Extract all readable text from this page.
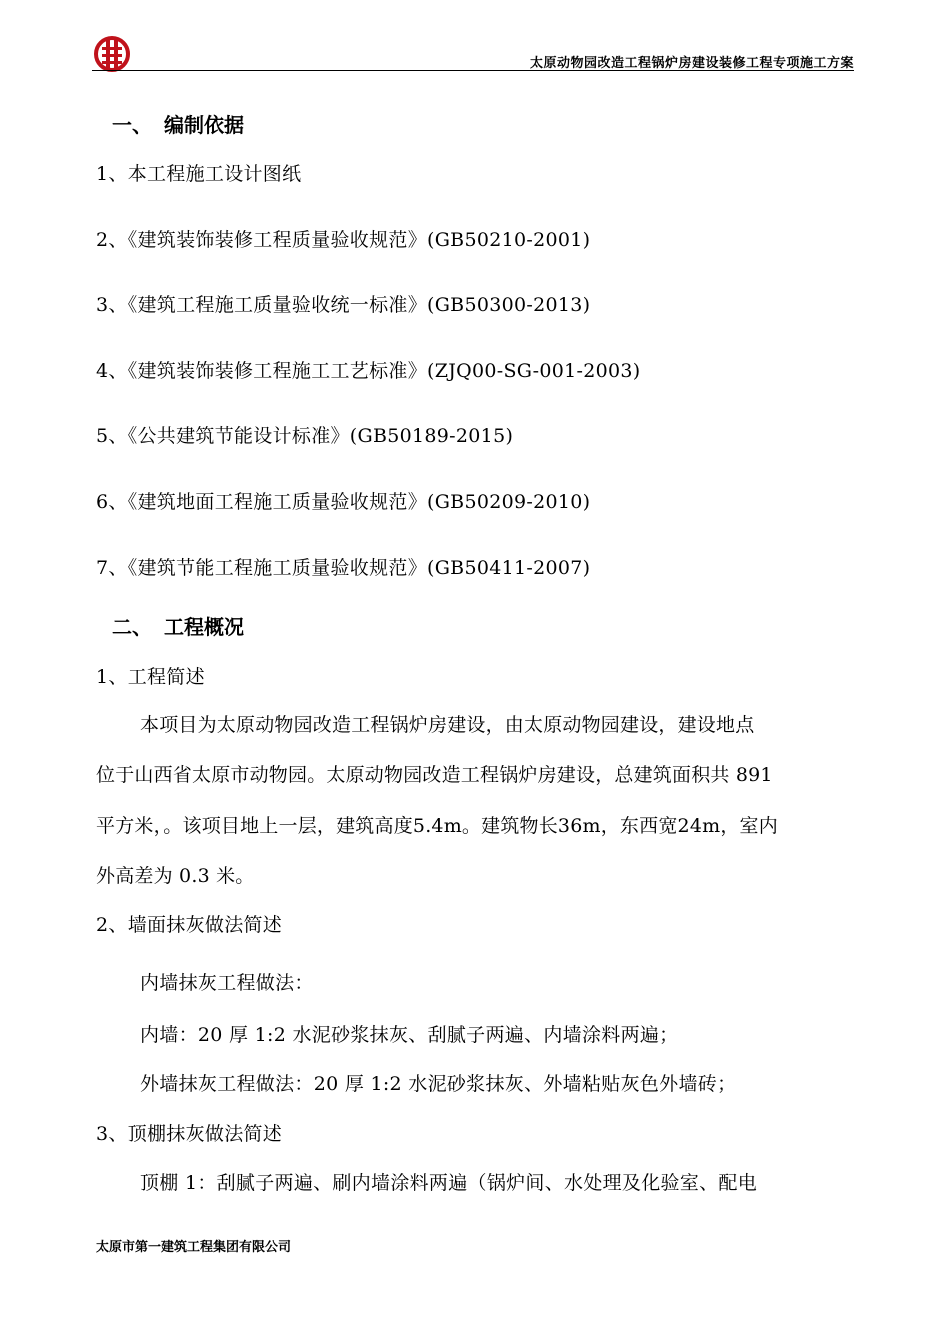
太原动物园改造工程锅炉房建设装修工程专项施工方案
一、 编制依据
1、本工程施工设计图纸
2、《建筑装饰装修工程质量验收规范》(GB50210-2001)
3、《建筑工程施工质量验收统一标准》(GB50300-2013)
4、《建筑装饰装修工程施工工艺标准》(ZJQ00-SG-001-2003)
5、《公共建筑节能设计标准》(GB50189-2015)
6、《建筑地面工程施工质量验收规范》(GB50209-2010)
7、《建筑节能工程施工质量验收规范》(GB50411-2007)
二、 工程概况
1、工程简述
本项目为太原动物园改造工程锅炉房建设，由太原动物园建设，建设地点
位于山西省太原市动物园。太原动物园改造工程锅炉房建设，总建筑面积共 891
平方米，。该项目地上一层，建筑高度5.4m。建筑物长36m，东西宽24m，室内
外高差为 0.3 米。
2、墙面抹灰做法简述
内墙抹灰工程做法：
内墙：20 厚 1:2 水泥砂浆抹灰、刮腻子两遍、内墙涂料两遍；
外墙抹灰工程做法：20 厚 1:2 水泥砂浆抹灰、外墙粘贴灰色外墙砖；
3、顶棚抹灰做法简述
顶棚 1：刮腻子两遍、刷内墙涂料两遍（锅炉间、水处理及化验室、配电
太原市第一建筑工程集团有限公司
